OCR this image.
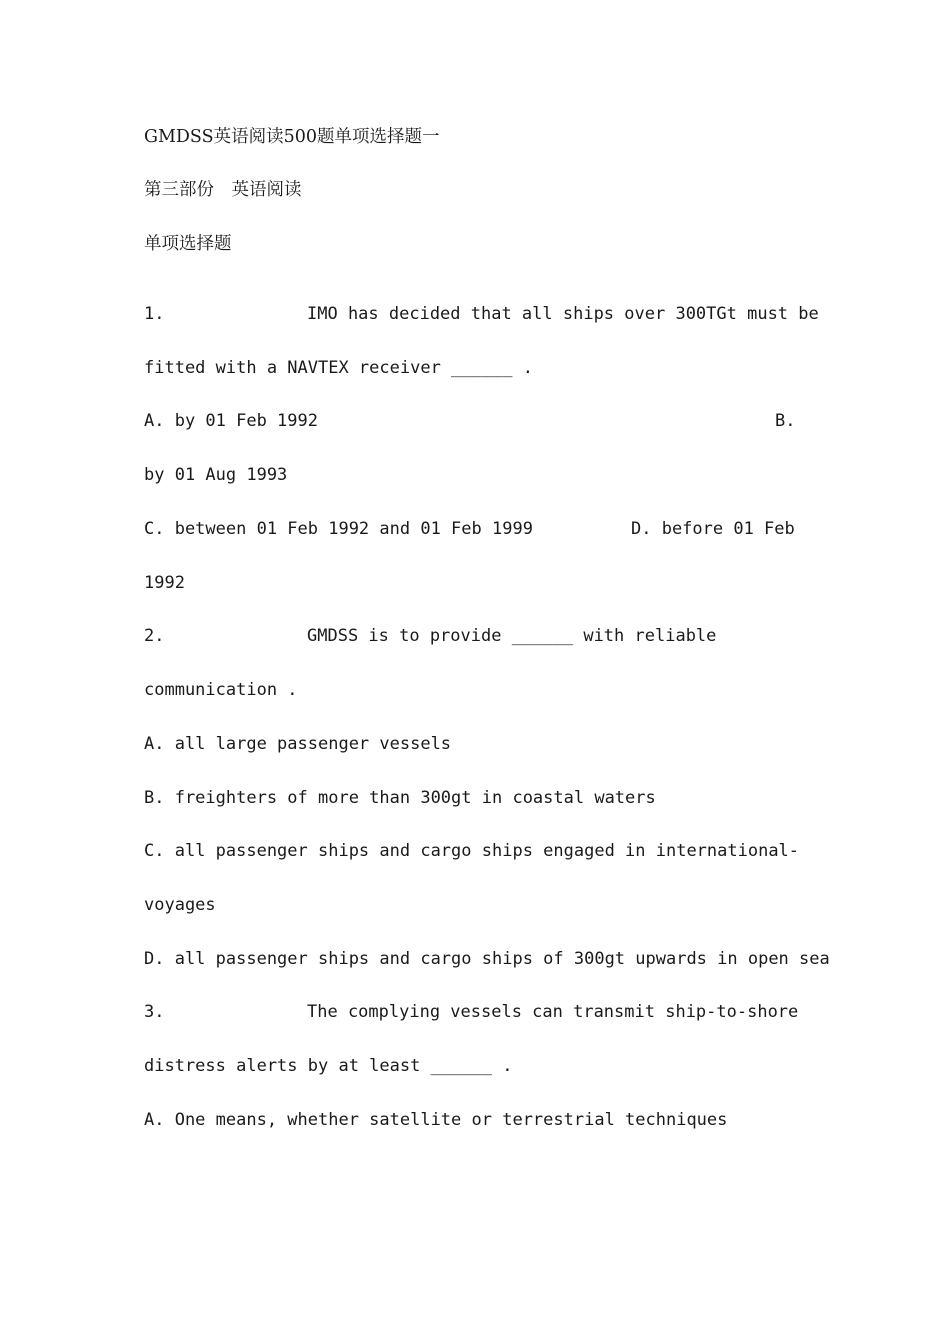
GMDSS英语阅读500题单项选择题一
第三部份　英语阅读
单项选择题
1.	IMO has decided that all ships over 300TGt must be
fitted with a NAVTEX receiver ______ .
A. by 01 Feb 1992	B.
by 01 Aug 1993
C. between 01 Feb 1992 and 01 Feb 1999	D. before 01 Feb
1992
2.	GMDSS is to provide ______ with reliable
communication .
A. all large passenger vessels
B. freighters of more than 300gt in coastal waters
C. all passenger ships and cargo ships engaged in international-
voyages
D. all passenger ships and cargo ships of 300gt upwards in open sea
3.	The complying vessels can transmit ship-to-shore
distress alerts by at least ______ .
A. One means, whether satellite or terrestrial techniques
